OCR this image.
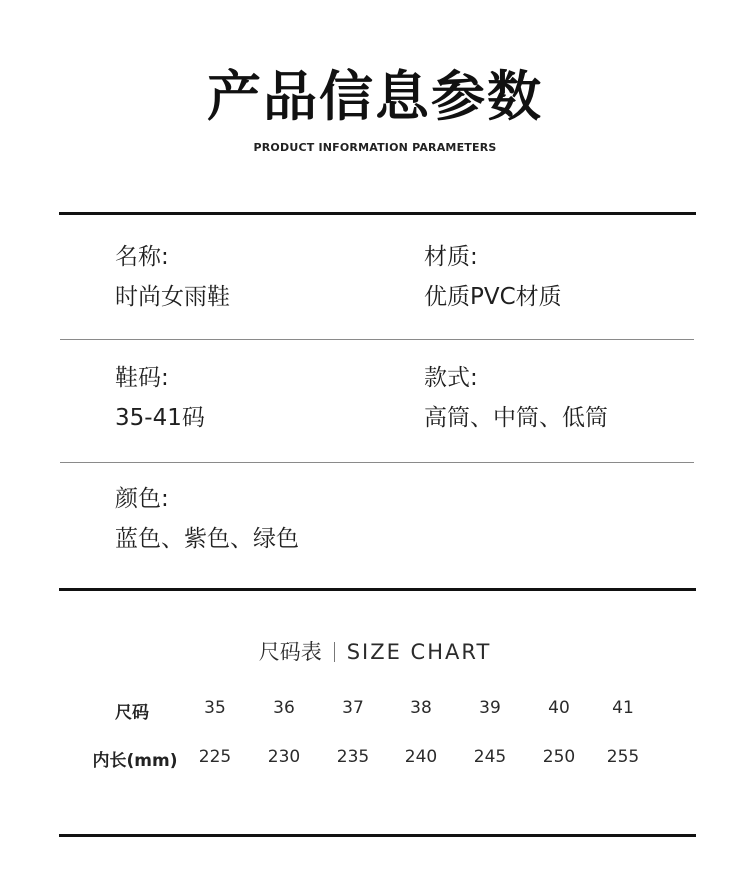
产品信息参数
PRODUCT INFORMATION PARAMETERS
名称:
时尚女雨鞋
材质:
优质PVC材质
鞋码:
35-41码
款式:
高筒、中筒、低筒
颜色:
蓝色、紫色、绿色
尺码表 SIZE CHART
尺码	35	36	37	38	39	40 41
内长(mm) 225 230 235 240 245 250 255
